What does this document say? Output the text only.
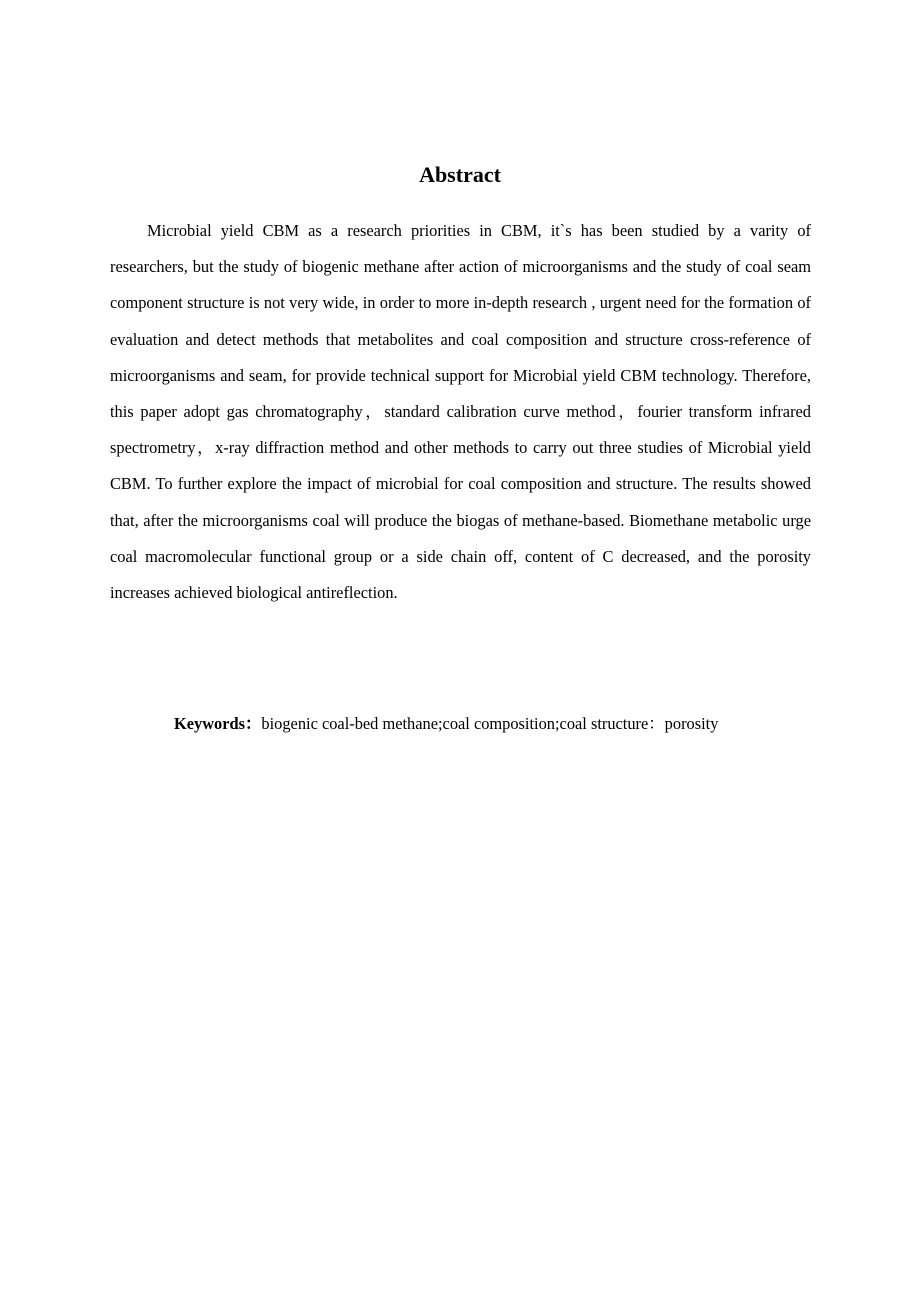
Abstract

Microbial yield CBM as a research priorities in CBM, it`s has been studied by a varity of researchers, but the study of biogenic methane after action of microorganisms and the study of coal seam component structure is not very wide, in order to more in-depth research , urgent need for the formation of evaluation and detect methods that metabolites and coal composition and structure cross-reference of microorganisms and seam, for provide technical support for Microbial yield CBM technology. Therefore, this paper adopt gas chromatography，standard calibration curve method，fourier transform infrared spectrometry，x-ray diffraction method and other methods to carry out three studies of Microbial yield CBM. To further explore the impact of microbial for coal composition and structure. The results showed that, after the microorganisms coal will produce the biogas of methane-based. Biomethane metabolic urge coal macromolecular functional group or a side chain off, content of C decreased, and the porosity increases achieved biological antireflection.

Keywords：biogenic coal-bed methane;coal composition;coal structure：porosity
